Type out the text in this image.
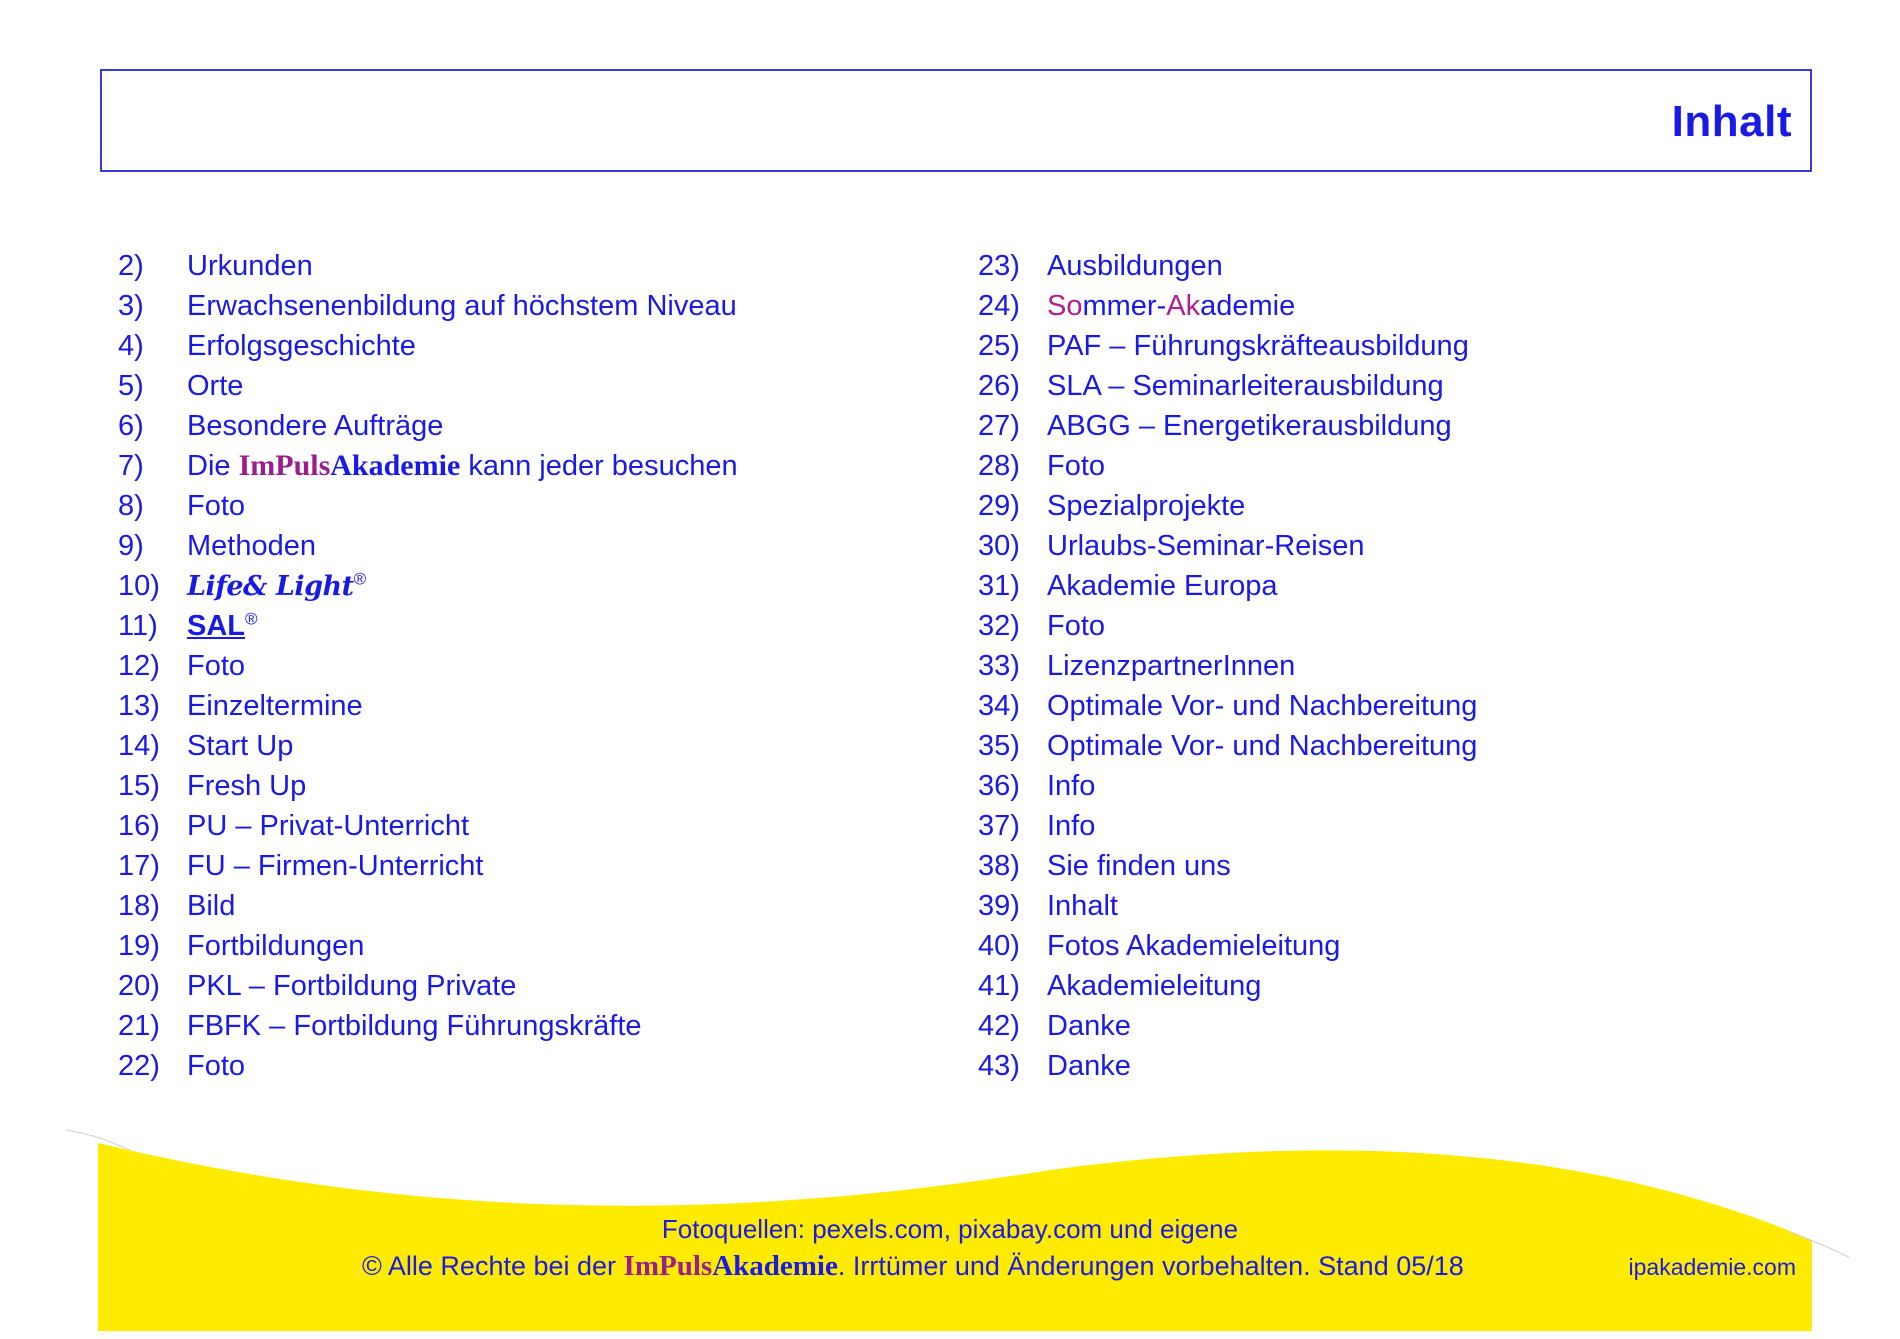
Inhalt
2) Urkunden
3) Erwachsenenbildung auf höchstem Niveau
4) Erfolgsgeschichte
5) Orte
6) Besondere Aufträge
7) Die ImPulsAkademie kann jeder besuchen
8) Foto
9) Methoden
10) Life& Light®
11) SAL®
12) Foto
13) Einzeltermine
14) Start Up
15) Fresh Up
16) PU – Privat-Unterricht
17) FU – Firmen-Unterricht
18) Bild
19) Fortbildungen
20) PKL – Fortbildung Private
21) FBFK – Fortbildung Führungskräfte
22) Foto
23) Ausbildungen
24) Sommer-Akademie
25) PAF – Führungskräfteausbildung
26) SLA – Seminarleiterausbildung
27) ABGG – Energetikerausbildung
28) Foto
29) Spezialprojekte
30) Urlaubs-Seminar-Reisen
31) Akademie Europa
32) Foto
33) LizenzpartnerInnen
34) Optimale Vor- und Nachbereitung
35) Optimale Vor- und Nachbereitung
36) Info
37) Info
38) Sie finden uns
39) Inhalt
40) Fotos Akademieleitung
41) Akademieleitung
42) Danke
43) Danke
Fotoquellen: pexels.com, pixabay.com und eigene
© Alle Rechte bei der ImPulsAkademie. Irrtümer und Änderungen vorbehalten. Stand 05/18	ipakademie.com
